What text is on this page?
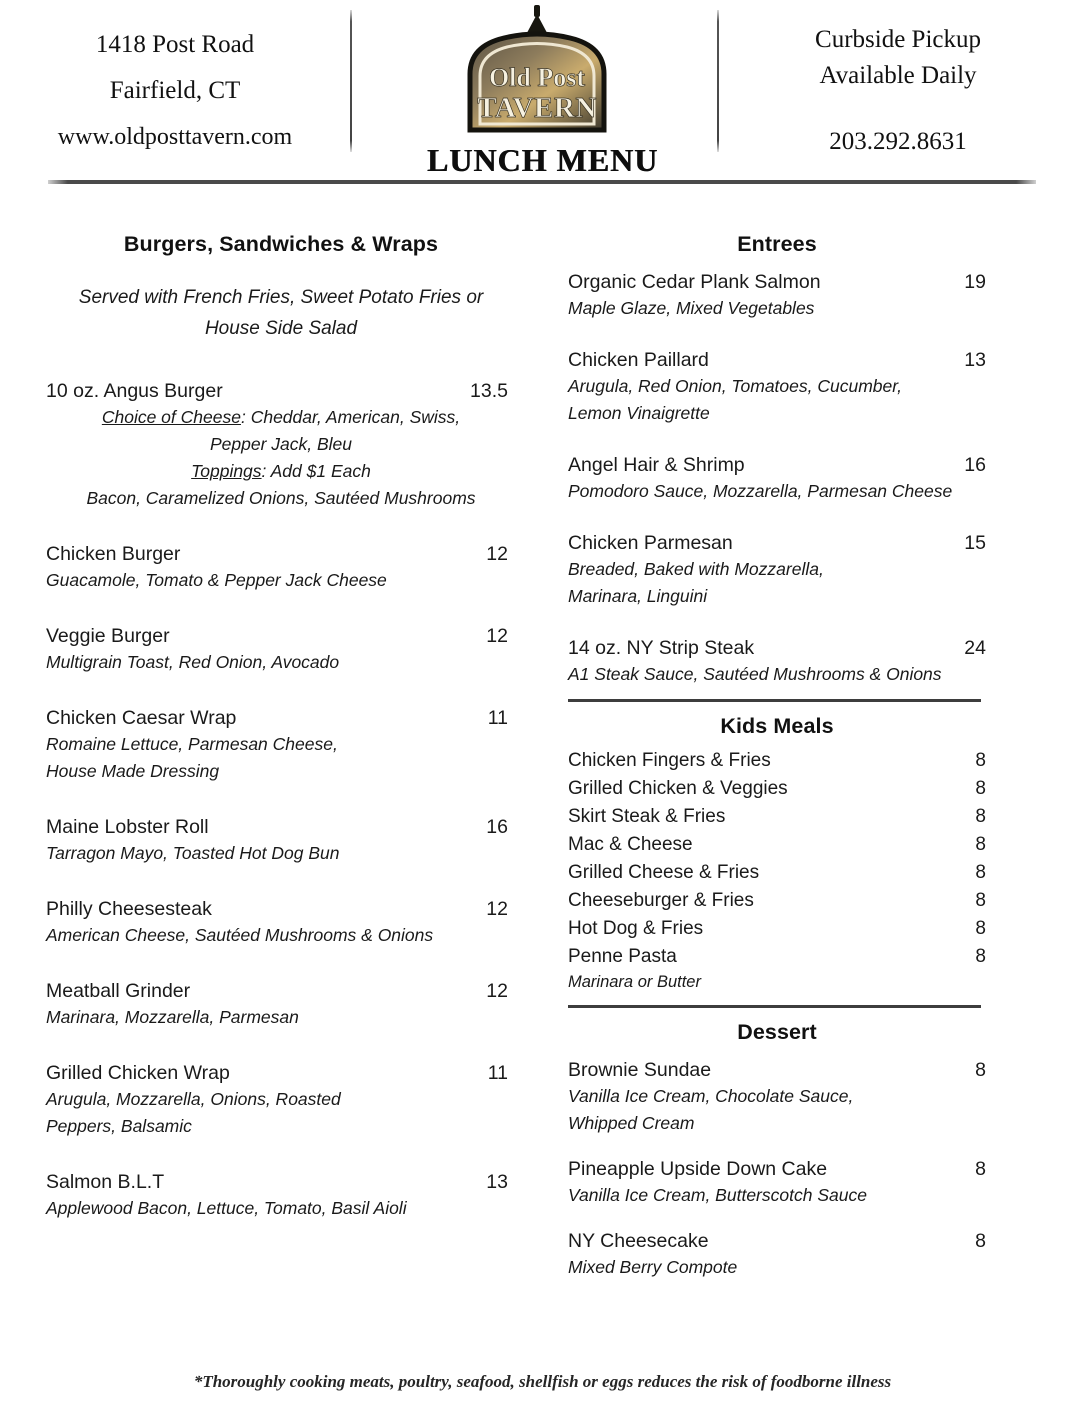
1418 Post Road
Fairfield, CT
www.oldposttavern.com
Old Post
TAVERN
Curbside Pickup
Available Daily
203.292.8631
LUNCH MENU
Burgers, Sandwiches & Wraps
Served with French Fries, Sweet Potato Fries or House Side Salad
10 oz. Angus Burger	13.5
Choice of Cheese: Cheddar, American, Swiss,
Pepper Jack, Bleu
Toppings: Add $1 Each
Bacon, Caramelized Onions, Sautéed Mushrooms
Chicken Burger	12
Guacamole, Tomato & Pepper Jack Cheese
Veggie Burger	12
Multigrain Toast, Red Onion, Avocado
Chicken Caesar Wrap	11
Romaine Lettuce, Parmesan Cheese,
House Made Dressing
Maine Lobster Roll	16
Tarragon Mayo, Toasted Hot Dog Bun
Philly Cheesesteak	12
American Cheese, Sautéed Mushrooms & Onions
Meatball Grinder	12
Marinara, Mozzarella, Parmesan
Grilled Chicken Wrap	11
Arugula, Mozzarella, Onions, Roasted
Peppers, Balsamic
Salmon B.L.T	13
Applewood Bacon, Lettuce, Tomato, Basil Aioli
Entrees
Organic Cedar Plank Salmon	19
Maple Glaze, Mixed Vegetables
Chicken Paillard	13
Arugula, Red Onion, Tomatoes, Cucumber,
Lemon Vinaigrette
Angel Hair & Shrimp	16
Pomodoro Sauce, Mozzarella, Parmesan Cheese
Chicken Parmesan	15
Breaded, Baked with Mozzarella,
Marinara, Linguini
14 oz. NY Strip Steak	24
A1 Steak Sauce, Sautéed Mushrooms & Onions
Kids Meals
Chicken Fingers & Fries	8
Grilled Chicken & Veggies	8
Skirt Steak & Fries	8
Mac & Cheese	8
Grilled Cheese & Fries	8
Cheeseburger & Fries	8
Hot Dog & Fries	8
Penne Pasta	8
Marinara or Butter
Dessert
Brownie Sundae	8
Vanilla Ice Cream, Chocolate Sauce,
Whipped Cream
Pineapple Upside Down Cake	8
Vanilla Ice Cream, Butterscotch Sauce
NY Cheesecake	8
Mixed Berry Compote
*Thoroughly cooking meats, poultry, seafood, shellfish or eggs reduces the risk of foodborne illness
